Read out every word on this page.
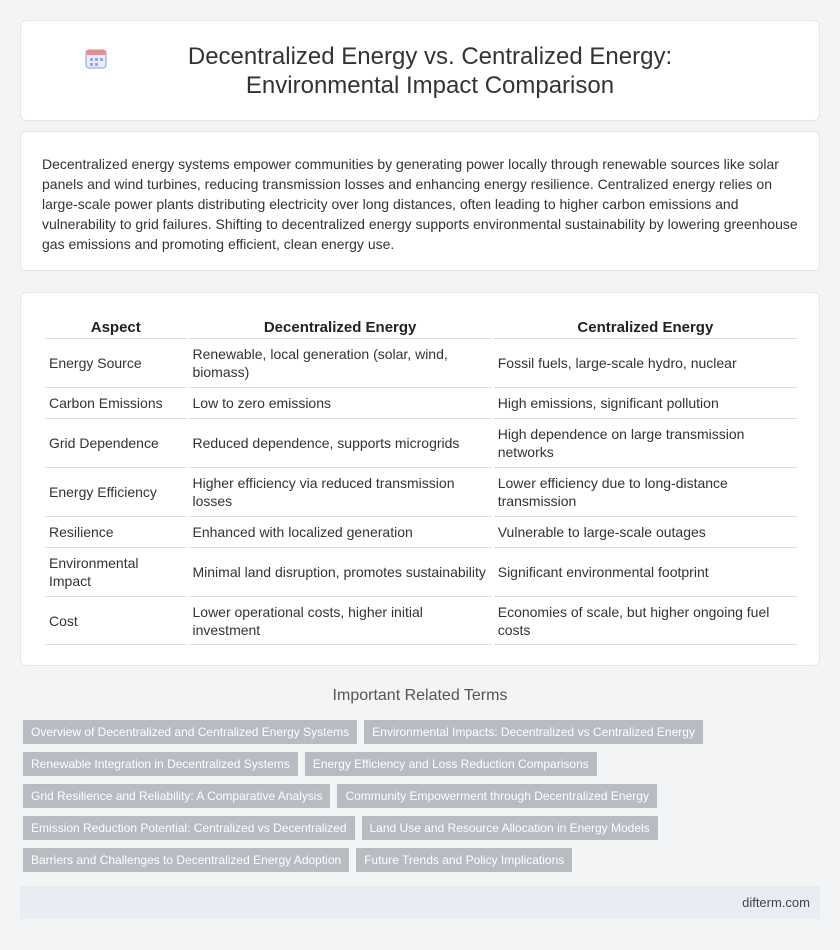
Decentralized Energy vs. Centralized Energy: Environmental Impact Comparison

Decentralized energy systems empower communities by generating power locally through renewable sources like solar panels and wind turbines, reducing transmission losses and enhancing energy resilience. Centralized energy relies on large-scale power plants distributing electricity over long distances, often leading to higher carbon emissions and vulnerability to grid failures. Shifting to decentralized energy supports environmental sustainability by lowering greenhouse gas emissions and promoting efficient, clean energy use.

Aspect	Decentralized Energy	Centralized Energy
Energy Source	Renewable, local generation (solar, wind, biomass)	Fossil fuels, large-scale hydro, nuclear
Carbon Emissions	Low to zero emissions	High emissions, significant pollution
Grid Dependence	Reduced dependence, supports microgrids	High dependence on large transmission networks
Energy Efficiency	Higher efficiency via reduced transmission losses	Lower efficiency due to long-distance transmission
Resilience	Enhanced with localized generation	Vulnerable to large-scale outages
Environmental Impact	Minimal land disruption, promotes sustainability	Significant environmental footprint
Cost	Lower operational costs, higher initial investment	Economies of scale, but higher ongoing fuel costs
Important Related Terms
Overview of Decentralized and Centralized Energy Systems	Environmental Impacts: Decentralized vs Centralized Energy
Renewable Integration in Decentralized Systems	Energy Efficiency and Loss Reduction Comparisons
Grid Resilience and Reliability: A Comparative Analysis	Community Empowerment through Decentralized Energy
Emission Reduction Potential: Centralized vs Decentralized	Land Use and Resource Allocation in Energy Models
Barriers and Challenges to Decentralized Energy Adoption	Future Trends and Policy Implications
difterm.com
